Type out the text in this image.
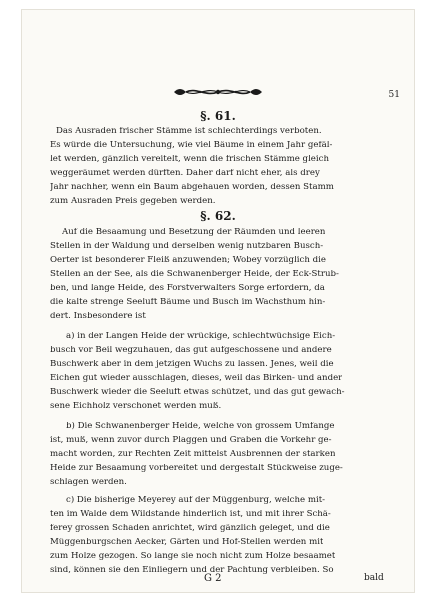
51
§. 61.
Das Ausraden frischer Stämme ist schlechterdings verboten.
Es würde die Untersuchung, wie viel Bäume in einem Jahr gefäl-
let werden, gänzlich vereitelt, wenn die frischen Stämme gleich
weggeräumet werden dürften. Daher darf nicht eher, als drey
Jahr nachher, wenn ein Baum abgehauen worden, dessen Stamm
zum Ausraden Preis gegeben werden.
§. 62.
Auf die Besaamung und Besetzung der Räumden und leeren
Stellen in der Waldung und derselben wenig nutzbaren Busch-
Oerter ist besonderer Fleiß anzuwenden; Wobey vorzüglich die
Stellen an der See, als die Schwanenberger Heide, der Eck-Strub-
ben, und lange Heide, des Forstverwalters Sorge erfordern, da
die kalte strenge Seeluft Bäume und Busch im Wachsthum hin-
dert. Insbesondere ist
a) in der Langen Heide der wrückige, schlechtwüchsige Eich-
busch vor Beil wegzuhauen, das gut aufgeschossene und andere
Buschwerk aber in dem jetzigen Wuchs zu lassen. Jenes, weil die
Eichen gut wieder ausschlagen, dieses, weil das Birken- und ander
Buschwerk wieder die Seeluft etwas schützet, und das gut gewach-
sene Eichholz verschonet werden muß.
b) Die Schwanenberger Heide, welche von grossem Umfange
ist, muß, wenn zuvor durch Plaggen und Graben die Vorkehr ge-
macht worden, zur Rechten Zeit mittelst Ausbrennen der starken
Heide zur Besaamung vorbereitet und dergestalt Stückweise zuge-
schlagen werden.
c) Die bisherige Meyerey auf der Müggenburg, welche mit-
ten im Walde dem Wildstande hinderlich ist, und mit ihrer Schä-
ferey grossen Schaden anrichtet, wird gänzlich geleget, und die
Müggenburgschen Aecker, Gärten und Hof-Stellen werden mit
zum Holze gezogen. So lange sie noch nicht zum Holze besaamet
sind, können sie den Einliegern und der Pachtung verbleiben. So
G 2	bald
